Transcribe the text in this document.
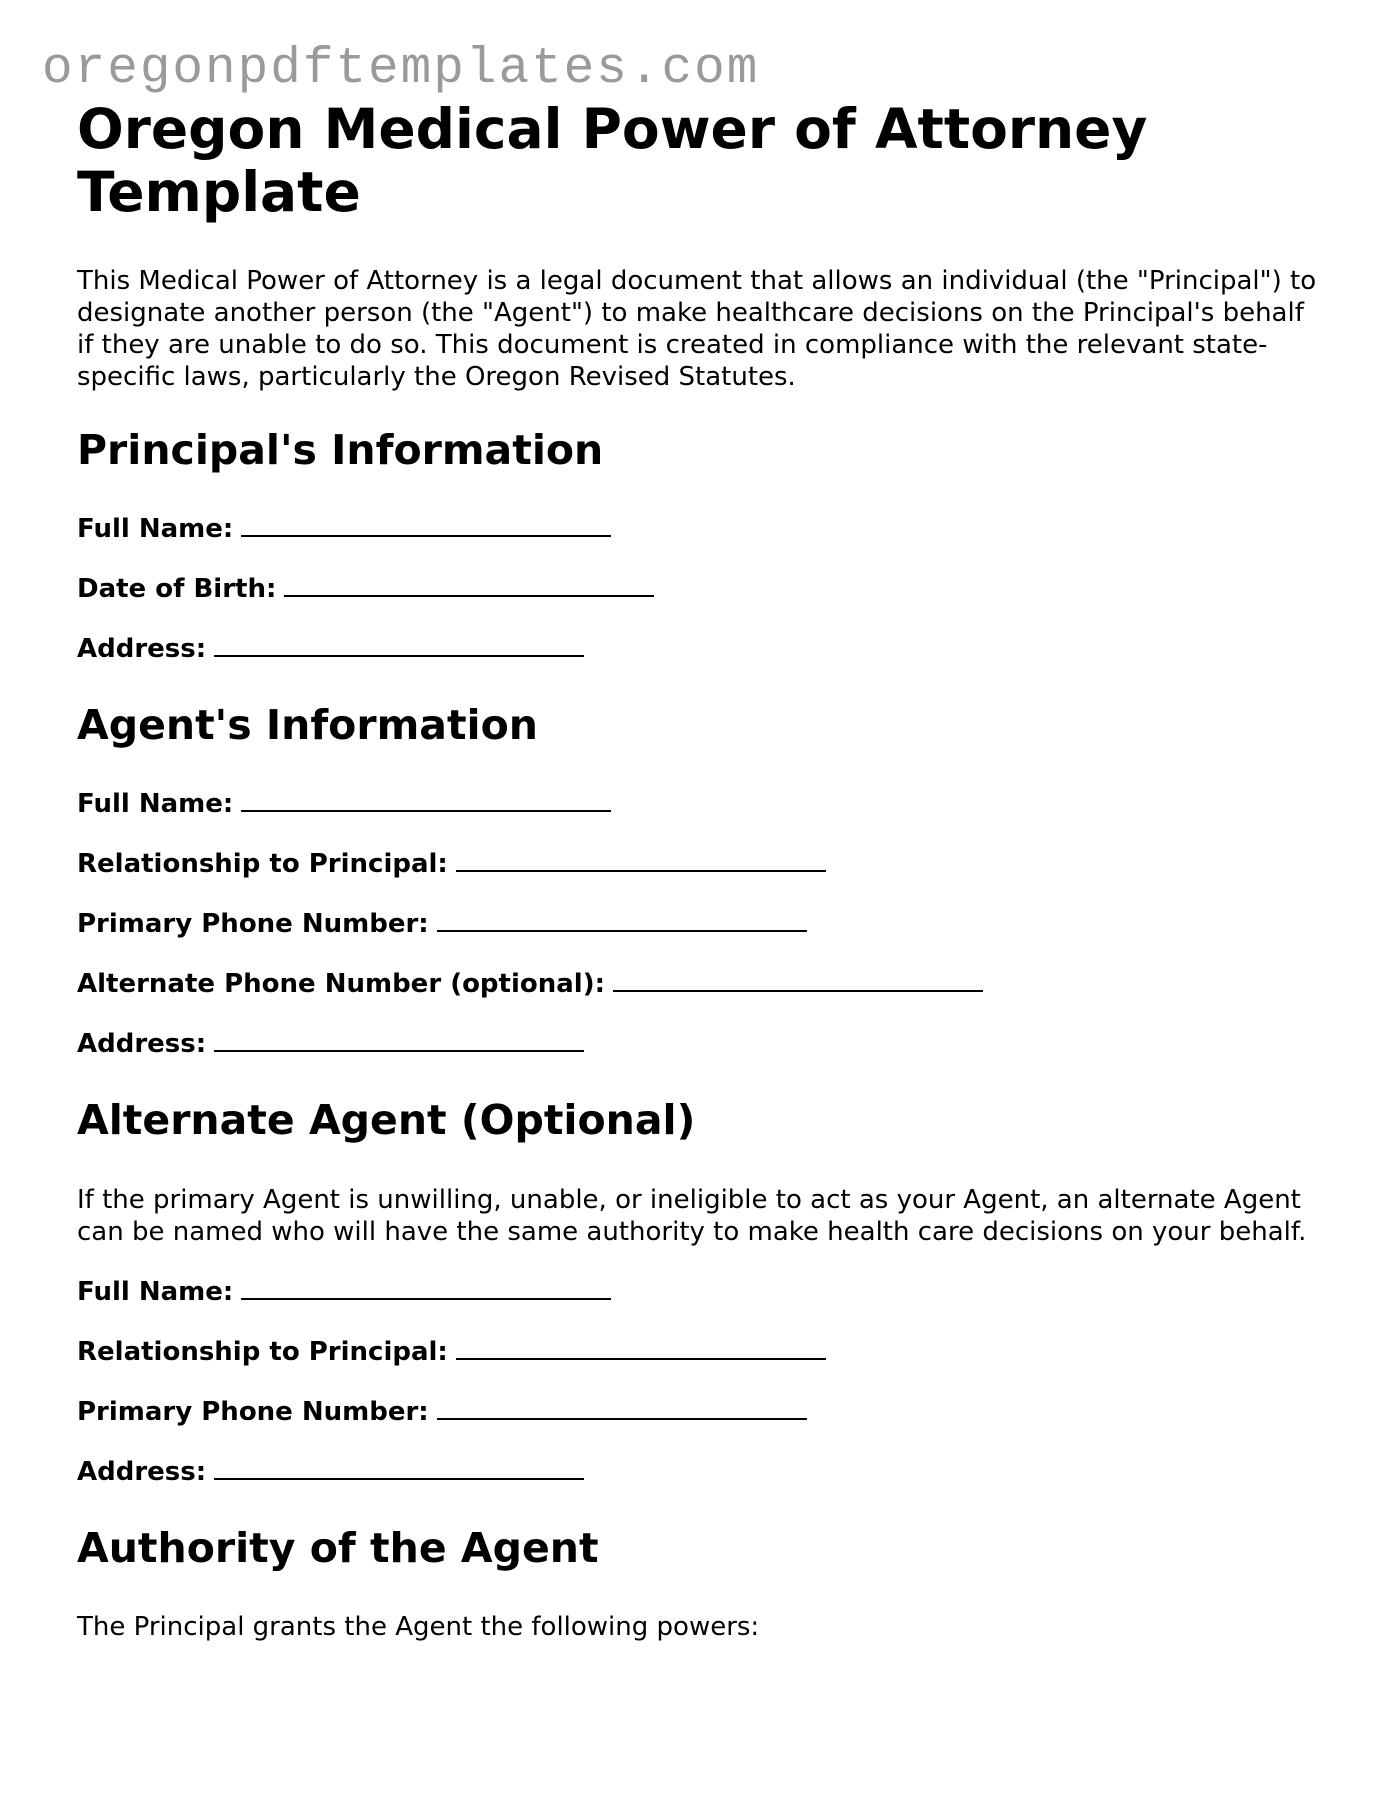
oregonpdftemplates.com
Oregon Medical Power of Attorney
Template

This Medical Power of Attorney is a legal document that allows an individual (the "Principal") to designate another person (the "Agent") to make healthcare decisions on the Principal's behalf if they are unable to do so. This document is created in compliance with the relevant state-specific laws, particularly the Oregon Revised Statutes.

Principal's Information
Full Name:
Date of Birth:
Address:
Agent's Information
Full Name:
Relationship to Principal:
Primary Phone Number:
Alternate Phone Number (optional):
Address:
Alternate Agent (Optional)

If the primary Agent is unwilling, unable, or ineligible to act as your Agent, an alternate Agent can be named who will have the same authority to make health care decisions on your behalf.

Full Name:
Relationship to Principal:
Primary Phone Number:
Address:
Authority of the Agent

The Principal grants the Agent the following powers:
